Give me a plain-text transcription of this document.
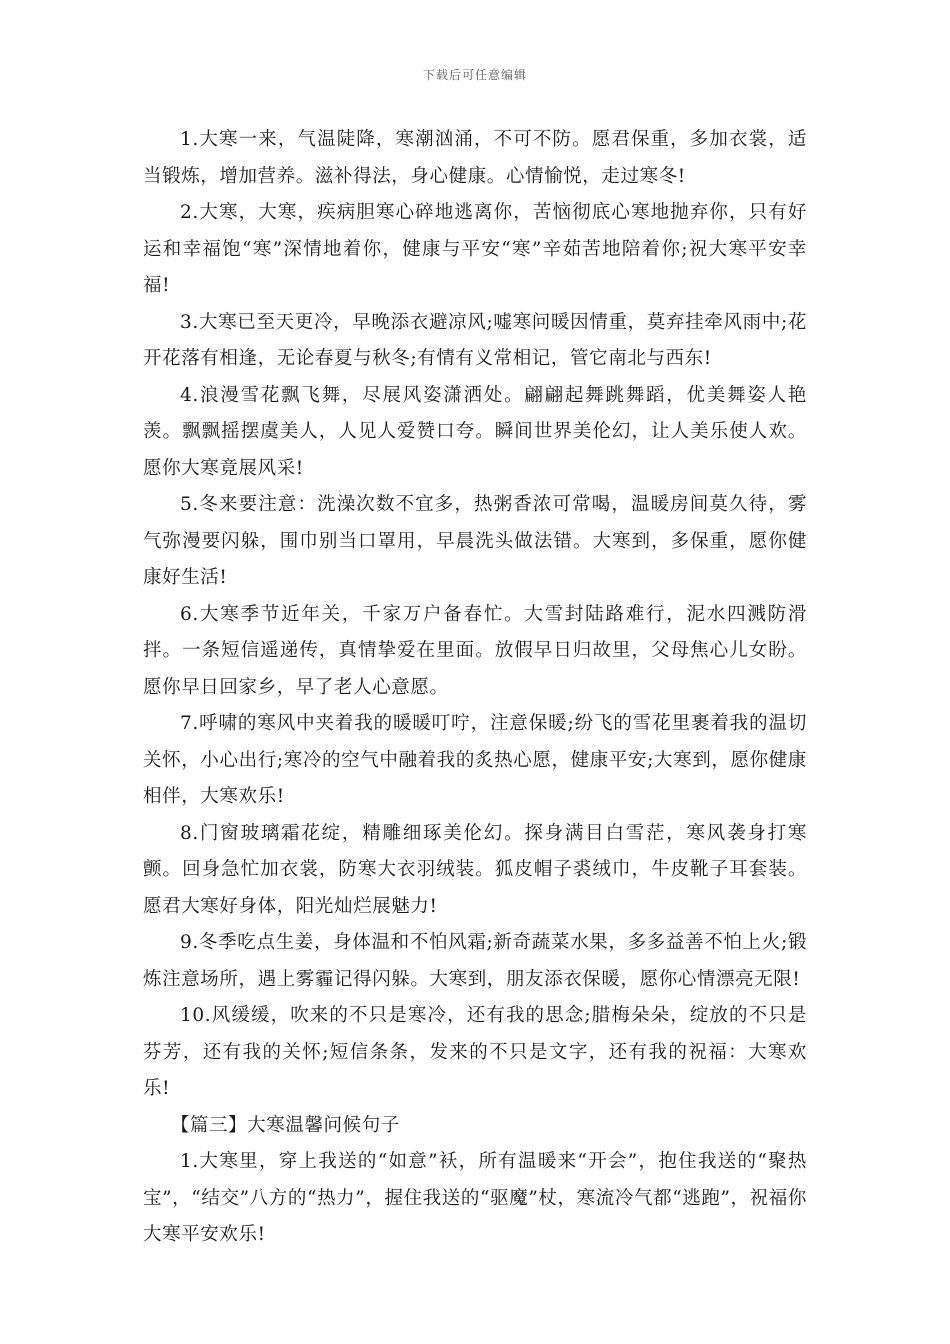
下载后可任意编辑

1.大寒一来，气温陡降，寒潮汹涌，不可不防。愿君保重，多加衣裳，适当锻炼，增加营养。滋补得法，身心健康。心情愉悦，走过寒冬!

2.大寒，大寒，疾病胆寒心碎地逃离你，苦恼彻底心寒地抛弃你，只有好运和幸福饱“寒”深情地着你，健康与平安“寒”辛茹苦地陪着你;祝大寒平安幸福!

3.大寒已至天更冷，早晚添衣避凉风;嘘寒问暖因情重，莫弃挂牵风雨中;花开花落有相逢，无论春夏与秋冬;有情有义常相记，管它南北与西东!

4.浪漫雪花飘飞舞，尽展风姿潇洒处。翩翩起舞跳舞蹈，优美舞姿人艳羡。飘飘摇摆虞美人，人见人爱赞口夸。瞬间世界美伦幻，让人美乐使人欢。愿你大寒竟展风采!

5.冬来要注意：洗澡次数不宜多，热粥香浓可常喝，温暖房间莫久待，雾气弥漫要闪躲，围巾别当口罩用，早晨洗头做法错。大寒到，多保重，愿你健康好生活!

6.大寒季节近年关，千家万户备春忙。大雪封陆路难行，泥水四溅防滑拌。一条短信遥递传，真情挚爱在里面。放假早日归故里，父母焦心儿女盼。愿你早日回家乡，早了老人心意愿。

7.呼啸的寒风中夹着我的暖暖叮咛，注意保暖;纷飞的雪花里裹着我的温切关怀，小心出行;寒冷的空气中融着我的炙热心愿，健康平安;大寒到，愿你健康相伴，大寒欢乐!

8.门窗玻璃霜花绽，精雕细琢美伦幻。探身满目白雪茫，寒风袭身打寒颤。回身急忙加衣裳，防寒大衣羽绒装。狐皮帽子裘绒巾，牛皮靴子耳套装。愿君大寒好身体，阳光灿烂展魅力!

9.冬季吃点生姜，身体温和不怕风霜;新奇蔬菜水果，多多益善不怕上火;锻炼注意场所，遇上雾霾记得闪躲。大寒到，朋友添衣保暖，愿你心情漂亮无限!

10.风缓缓，吹来的不只是寒冷，还有我的思念;腊梅朵朵，绽放的不只是芬芳，还有我的关怀;短信条条，发来的不只是文字，还有我的祝福：大寒欢乐!

【篇三】大寒温馨问候句子

1.大寒里，穿上我送的“如意”袄，所有温暖来“开会”，抱住我送的“聚热宝”，“结交”八方的“热力”，握住我送的“驱魔”杖，寒流冷气都“逃跑”，祝福你大寒平安欢乐!
